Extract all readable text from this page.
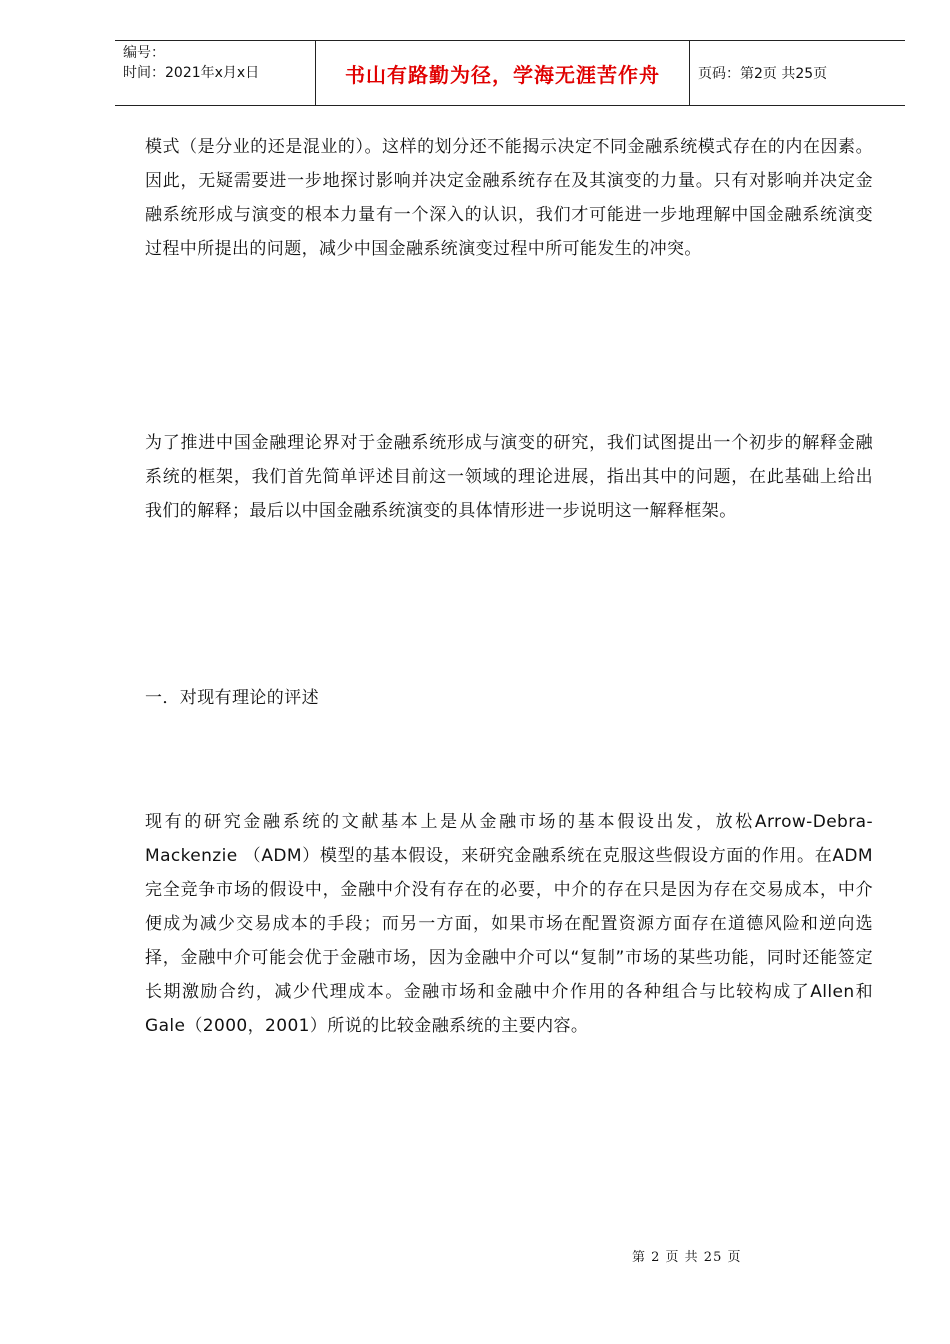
编号：
时间：2021年x月x日	书山有路勤为径，学海无涯苦作舟	页码：第2页 共25页

模式（是分业的还是混业的）。这样的划分还不能揭示决定不同金融系统模式存在的内在因素。因此，无疑需要进一步地探讨影响并决定金融系统存在及其演变的力量。只有对影响并决定金融系统形成与演变的根本力量有一个深入的认识，我们才可能进一步地理解中国金融系统演变过程中所提出的问题，减少中国金融系统演变过程中所可能发生的冲突。

为了推进中国金融理论界对于金融系统形成与演变的研究，我们试图提出一个初步的解释金融系统的框架，我们首先简单评述目前这一领域的理论进展，指出其中的问题，在此基础上给出我们的解释；最后以中国金融系统演变的具体情形进一步说明这一解释框架。

一．对现有理论的评述

现有的研究金融系统的文献基本上是从金融市场的基本假设出发，放松Arrow-Debra-Mackenzie （ADM）模型的基本假设，来研究金融系统在克服这些假设方面的作用。在ADM完全竞争市场的假设中，金融中介没有存在的必要，中介的存在只是因为存在交易成本，中介便成为减少交易成本的手段；而另一方面，如果市场在配置资源方面存在道德风险和逆向选择，金融中介可能会优于金融市场，因为金融中介可以“复制”市场的某些功能，同时还能签定长期激励合约，减少代理成本。金融市场和金融中介作用的各种组合与比较构成了Allen和Gale（2000，2001）所说的比较金融系统的主要内容。

第 2 页 共 25 页
